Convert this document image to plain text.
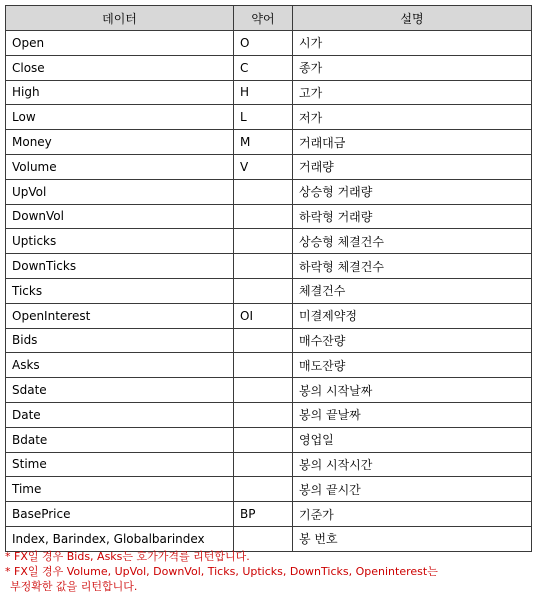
데이터	약어	설명
Open	O	시가
Close	C	종가
High	H	고가
Low	L	저가
Money	M	거래대금
Volume	V	거래량
UpVol		상승형 거래량
DownVol		하락형 거래량
Upticks		상승형 체결건수
DownTicks		하락형 체결건수
Ticks		체결건수
OpenInterest	OI	미결제약정
Bids		매수잔량
Asks		매도잔량
Sdate		봉의 시작날짜
Date		봉의 끝날짜
Bdate		영업일
Stime		봉의 시작시간
Time		봉의 끝시간
BasePrice	BP	기준가
Index, Barindex, Globalbarindex		봉 번호
* FX일 경우 Bids, Asks는 호가가격를 리턴합니다.
* FX일 경우 Volume, UpVol, DownVol, Ticks, Upticks, DownTicks, Openinterest는
부정확한 값을 리턴합니다.
